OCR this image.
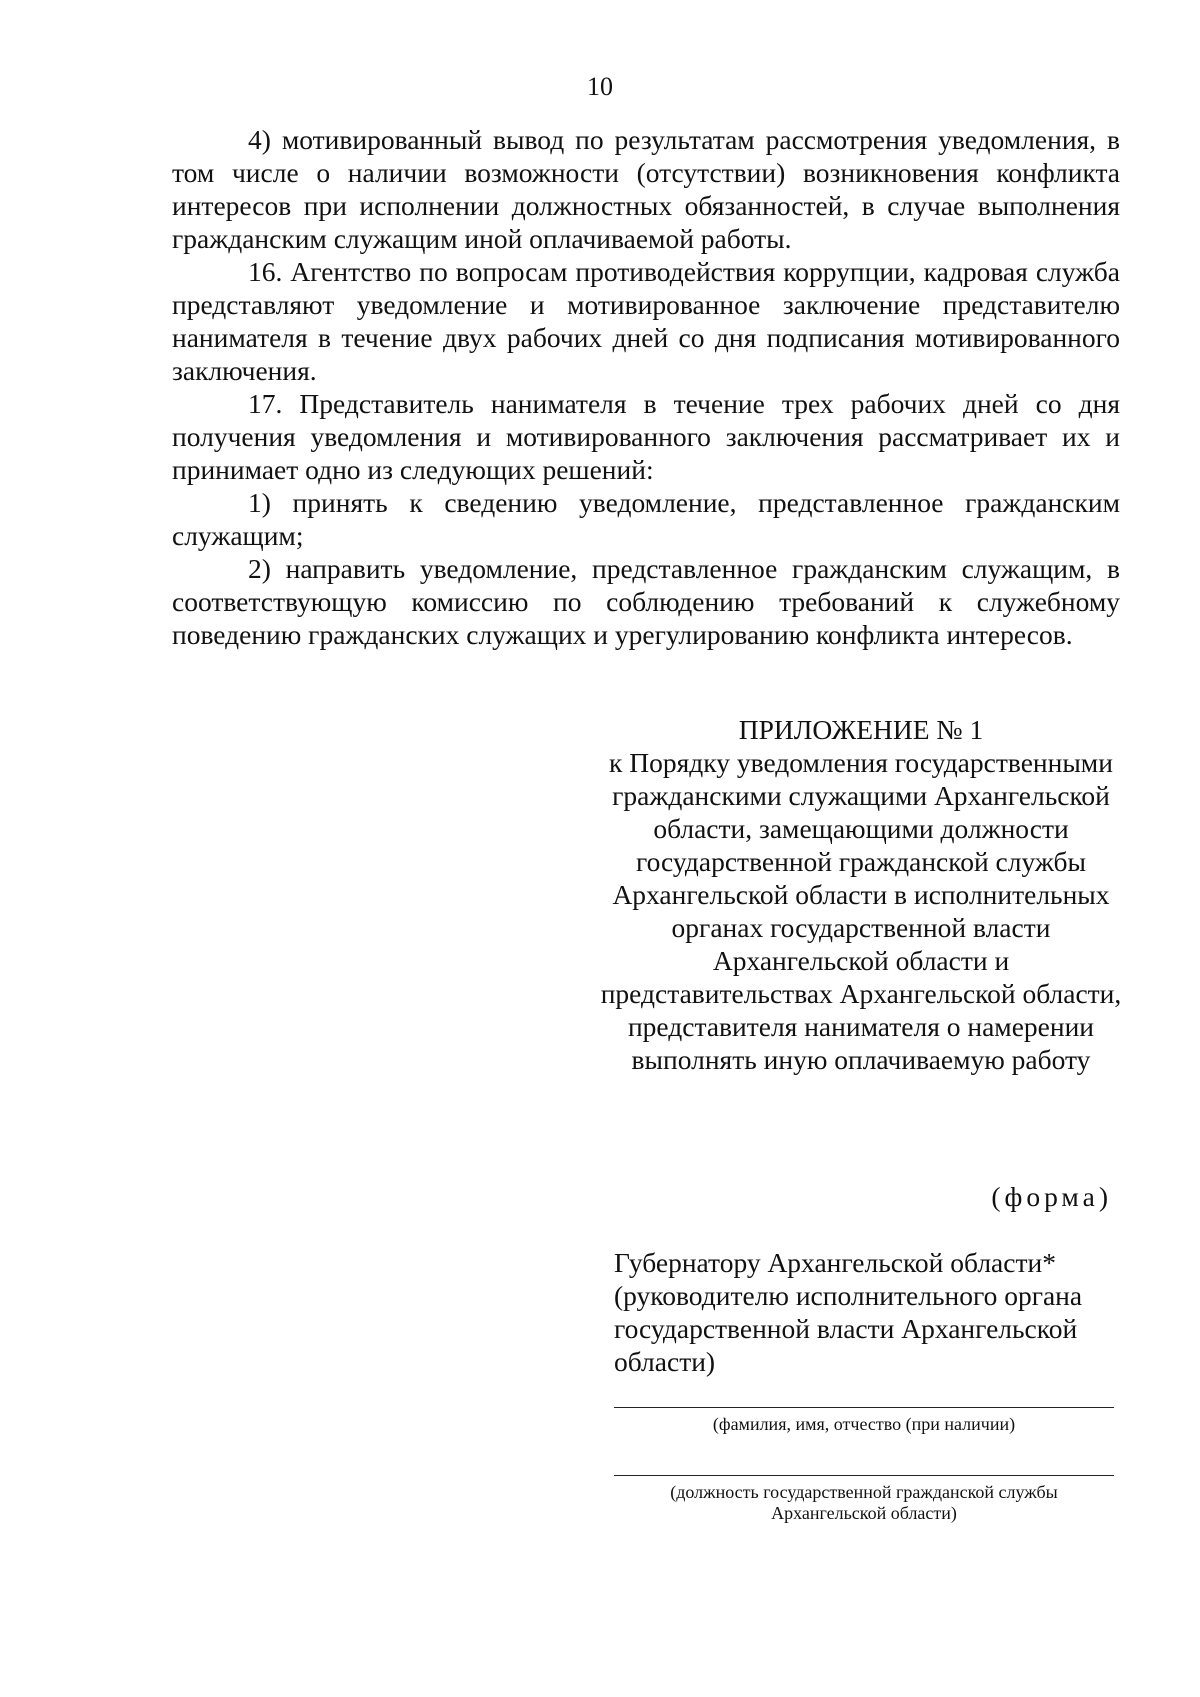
10

4) мотивированный вывод по результатам рассмотрения уведомления, в том числе о наличии возможности (отсутствии) возникновения конфликта интересов при исполнении должностных обязанностей, в случае выполнения гражданским служащим иной оплачиваемой работы.

16. Агентство по вопросам противодействия коррупции, кадровая служба представляют уведомление и мотивированное заключение представителю нанимателя в течение двух рабочих дней со дня подписания мотивированного заключения.

17. Представитель нанимателя в течение трех рабочих дней со дня получения уведомления и мотивированного заключения рассматривает их и принимает одно из следующих решений:

1) принять к сведению уведомление, представленное гражданским служащим;

2) направить уведомление, представленное гражданским служащим, в соответствующую комиссию по соблюдению требований к служебному поведению гражданских служащих и урегулированию конфликта интересов.

ПРИЛОЖЕНИЕ № 1

к Порядку уведомления государственными гражданскими служащими Архангельской области, замещающими должности государственной гражданской службы Архангельской области в исполнительных органах государственной власти Архангельской области и представительствах Архангельской области, представителя нанимателя о намерении выполнять иную оплачиваемую работу

(форма)
Губернатору Архангельской области* (руководителю исполнительного органа государственной власти Архангельской области)
(фамилия, имя, отчество (при наличии)
(должность государственной гражданской службы Архангельской области)
